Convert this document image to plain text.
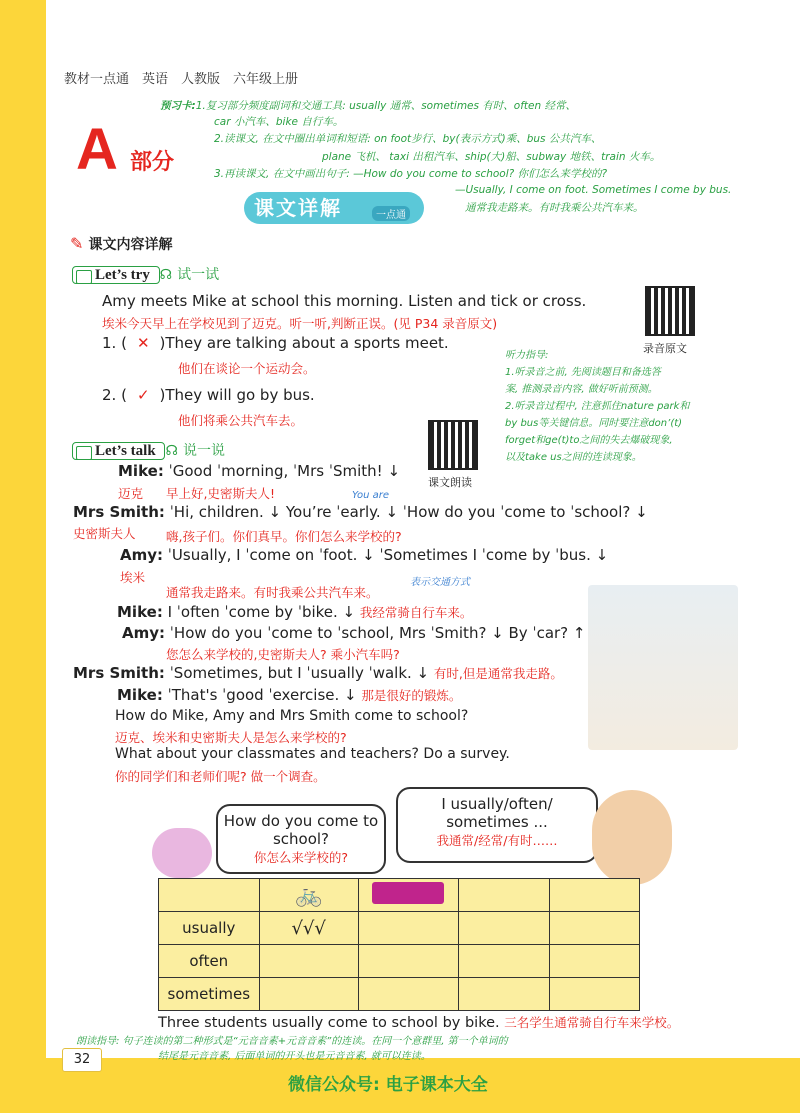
教材一点通　英语　人教版　六年级上册
预习卡:1.复习部分频度副词和交通工具: usually 通常、sometimes 有时、often 经常、
car 小汽车、bike 自行车。
2.读课文, 在文中圈出单词和短语: on foot步行、by(表示方式)乘、bus 公共汽车、
plane 飞机、 taxi 出租汽车、ship(大)船、subway 地铁、train 火车。
3.再读课文, 在文中画出句子: —How do you come to school? 你们怎么来学校的?
—Usually, I come on foot. Sometimes I come by bus.
通常我走路来。有时我乘公共汽车来。
A 部分
课文详解	一点通
✎ 课文内容详解
Let’s try ☊ 试一试
Amy meets Mike at school this morning. Listen and tick or cross.
埃米今天早上在学校见到了迈克。听一听,判断正误。(见 P34 录音原文)
录音原文
1. ( ✕ )They are talking about a sports meet.
他们在谈论一个运动会。
2. ( ✓ )They will go by bus.
他们将乘公共汽车去。
听力指导:
1.听录音之前, 先阅读题目和备选答
案, 推测录音内容, 做好听前预测。
2.听录音过程中, 注意抓住nature park和
by bus等关键信息。同时要注意don’(t)
forget和ge(t)to之间的失去爆破现象,
以及take us之间的连读现象。
Let’s talk ☊ 说一说
课文朗读
Mike: ˈGood ˈmorning, ˈMrs ˈSmith! ↓
迈克 早上好,史密斯夫人!
Mrs Smith: ˈHi, children. ↓ You’re ˈearly. ↓ ˈHow do you ˈcome to ˈschool? ↓
You are
史密斯夫人 嗨,孩子们。你们真早。你们怎么来学校的?
Amy: ˈUsually, I ˈcome on ˈfoot. ↓ ˈSometimes I ˈcome by ˈbus. ↓
埃米
通常我走路来。有时我乘公共汽车来。
表示交通方式
Mike: I ˈoften ˈcome by ˈbike. ↓ 我经常骑自行车来。
Amy: ˈHow do you ˈcome to ˈschool, Mrs ˈSmith? ↓ By ˈcar? ↑
您怎么来学校的,史密斯夫人? 乘小汽车吗?
Mrs Smith: ˈSometimes, but I ˈusually ˈwalk. ↓ 有时,但是通常我走路。
Mike: ˈThat's ˈgood ˈexercise. ↓ 那是很好的锻炼。
How do Mike, Amy and Mrs Smith come to school?
迈克、埃米和史密斯夫人是怎么来学校的?
What about your classmates and teachers? Do a survey.
你的同学们和老师们呢? 做一个调查。
How do you come to school?
你怎么来学校的?
I usually/often/ sometimes ...
我通常/经常/有时……
	🚲			
usually	√√√			
often				
sometimes				
Three students usually come to school by bike. 三名学生通常骑自行车来学校。
朗读指导: 句子连读的第二种形式是“元音音素+元音音素”的连读。在同一个意群里, 第一个单词的
结尾是元音音素, 后面单词的开头也是元音音素, 就可以连读。
32
微信公众号: 电子课本大全
